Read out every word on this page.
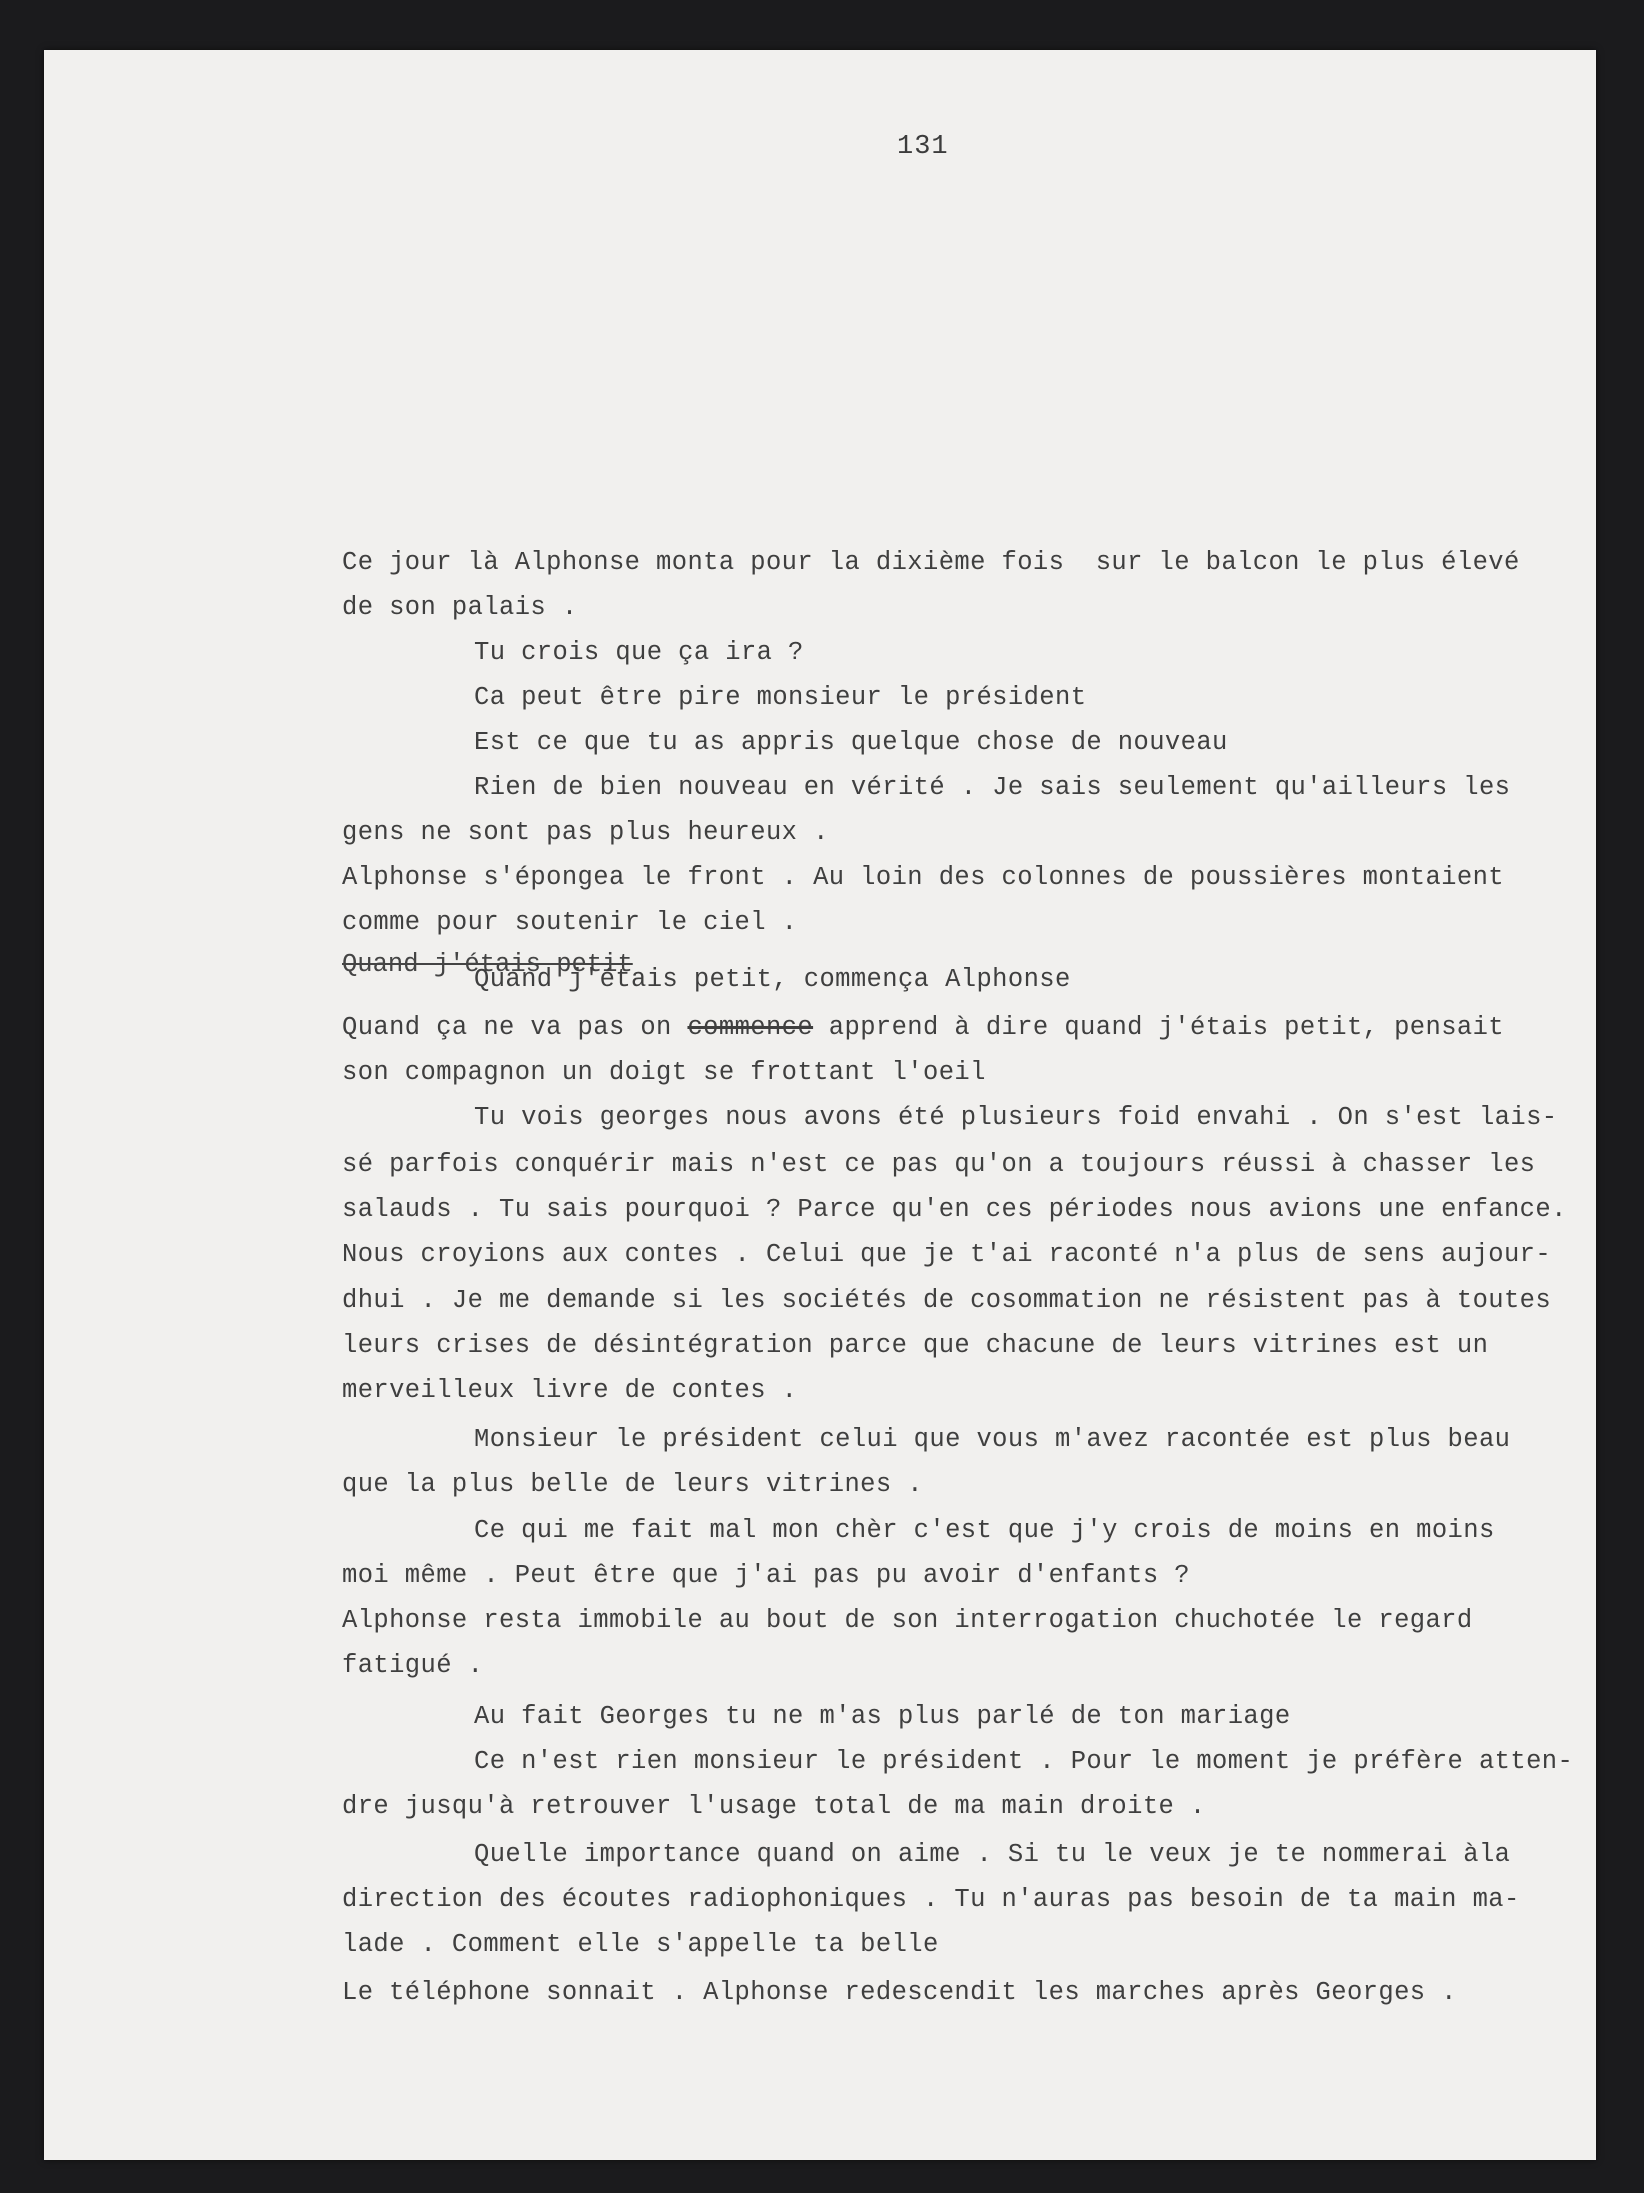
131
Ce jour là Alphonse monta pour la dixième fois  sur le balcon le plus élevé
de son palais .
Tu crois que ça ira ?
Ca peut être pire monsieur le président
Est ce que tu as appris quelque chose de nouveau
Rien de bien nouveau en vérité . Je sais seulement qu'ailleurs les
gens ne sont pas plus heureux .
Alphonse s'épongea le front . Au loin des colonnes de poussières montaient
comme pour soutenir le ciel .
Quand j'étais petit
Quand j'étais petit, commença Alphonse
Quand ça ne va pas on commence apprend à dire quand j'étais petit, pensait
son compagnon un doigt se frottant l'oeil
Tu vois georges nous avons été plusieurs foid envahi . On s'est lais-
sé parfois conquérir mais n'est ce pas qu'on a toujours réussi à chasser les
salauds . Tu sais pourquoi ? Parce qu'en ces périodes nous avions une enfance.
Nous croyions aux contes . Celui que je t'ai raconté n'a plus de sens aujour-
dhui . Je me demande si les sociétés de cosommation ne résistent pas à toutes
leurs crises de désintégration parce que chacune de leurs vitrines est un
merveilleux livre de contes .
Monsieur le président celui que vous m'avez racontée est plus beau
que la plus belle de leurs vitrines .
Ce qui me fait mal mon chèr c'est que j'y crois de moins en moins
moi même . Peut être que j'ai pas pu avoir d'enfants ?
Alphonse resta immobile au bout de son interrogation chuchotée le regard
fatigué .
Au fait Georges tu ne m'as plus parlé de ton mariage
Ce n'est rien monsieur le président . Pour le moment je préfère atten-
dre jusqu'à retrouver l'usage total de ma main droite .
Quelle importance quand on aime . Si tu le veux je te nommerai àla
direction des écoutes radiophoniques . Tu n'auras pas besoin de ta main ma-
lade . Comment elle s'appelle ta belle
Le téléphone sonnait . Alphonse redescendit les marches après Georges .
